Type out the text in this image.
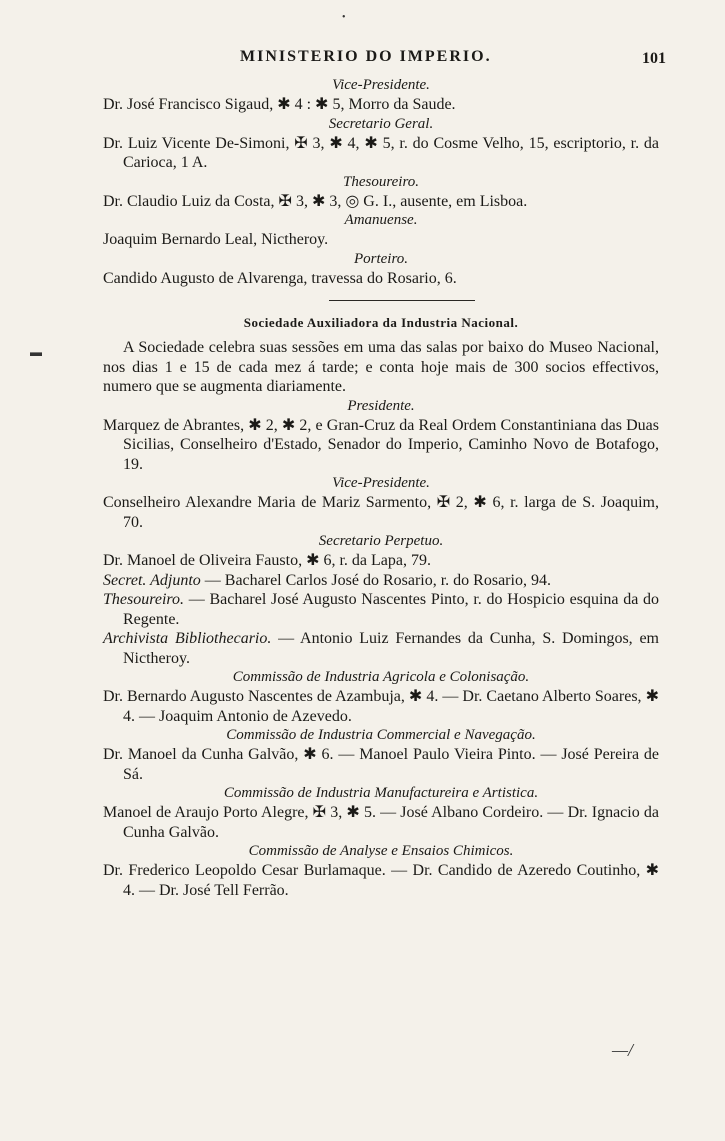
MINISTERIO DO IMPERIO.	101
Vice-Presidente.
Dr. José Francisco Sigaud, ✱ 4 : ✱ 5, Morro da Saude.
Secretario Geral.
Dr. Luiz Vicente De-Simoni, ✠ 3, ✱ 4, ✱ 5, r. do Cosme Velho, 15, escriptorio, r. da Carioca, 1 A.
Thesoureiro.
Dr. Claudio Luiz da Costa, ✠ 3, ✱ 3, ◎ G. I., ausente, em Lisboa.
Amanuense.
Joaquim Bernardo Leal, Nictheroy.
Porteiro.
Candido Augusto de Alvarenga, travessa do Rosario, 6.
Sociedade Auxiliadora da Industria Nacional.
A Sociedade celebra suas sessões em uma das salas por baixo do Museo Nacional, nos dias 1 e 15 de cada mez á tarde; e conta hoje mais de 300 socios effectivos, numero que se augmenta diariamente.
Presidente.
Marquez de Abrantes, ✱ 2, ✱ 2, e Gran-Cruz da Real Ordem Constantiniana das Duas Sicilias, Conselheiro d'Estado, Senador do Imperio, Caminho Novo de Botafogo, 19.
Vice-Presidente.
Conselheiro Alexandre Maria de Mariz Sarmento, ✠ 2, ✱ 6, r. larga de S. Joaquim, 70.
Secretario Perpetuo.
Dr. Manoel de Oliveira Fausto, ✱ 6, r. da Lapa, 79.
Secret. Adjunto — Bacharel Carlos José do Rosario, r. do Rosario, 94.
Thesoureiro. — Bacharel José Augusto Nascentes Pinto, r. do Hospicio esquina da do Regente.
Archivista Bibliothecario. — Antonio Luiz Fernandes da Cunha, S. Domingos, em Nictheroy.
Commissão de Industria Agricola e Colonisação.
Dr. Bernardo Augusto Nascentes de Azambuja, ✱ 4. — Dr. Caetano Alberto Soares, ✱ 4. — Joaquim Antonio de Azevedo.
Commissão de Industria Commercial e Navegação.
Dr. Manoel da Cunha Galvão, ✱ 6. — Manoel Paulo Vieira Pinto. — José Pereira de Sá.
Commissão de Industria Manufactureira e Artistica.
Manoel de Araujo Porto Alegre, ✠ 3, ✱ 5. — José Albano Cordeiro. — Dr. Ignacio da Cunha Galvão.
Commissão de Analyse e Ensaios Chimicos.
Dr. Frederico Leopoldo Cesar Burlamaque. — Dr. Candido de Azeredo Coutinho, ✱ 4. — Dr. José Tell Ferrão.
—/
•
▬
